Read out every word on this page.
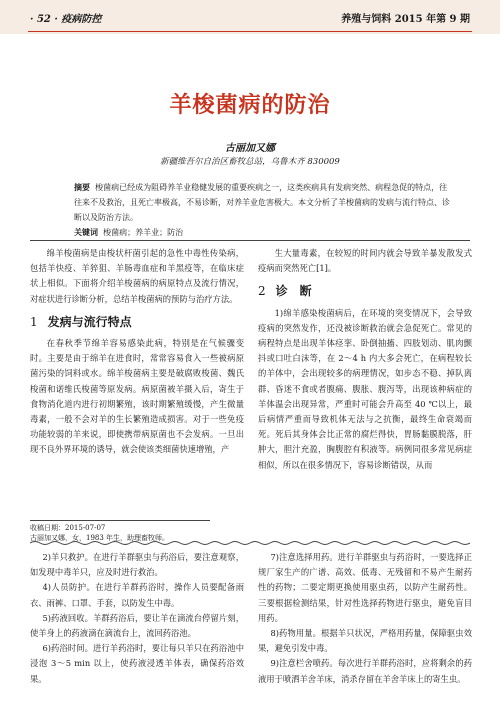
· 52 · 疫病防控	养殖与饲料 2015 年第 9 期
羊梭菌病的防治
古丽加又娜
新疆维吾尔自治区畜牧总站，乌鲁木齐 830009
摘要 梭菌病已经成为阻碍养羊业稳健发展的重要疾病之一，这类疾病具有发病突然、病程急促的特点，往往来不及救治，且死亡率极高，不易诊断，对养羊业危害极大。本文分析了羊梭菌病的发病与流行特点、诊断以及防治方法。
关键词 梭菌病；养羊业；防治

绵羊梭菌病是由梭状杆菌引起的急性中毒性传染病，包括羊快疫、羊猝狙、羊肠毒血症和羊黑疫等，在临床症状上相似。下面将介绍羊梭菌病的病原特点及流行情况，对症状进行诊断分析，总结羊梭菌病的预防与治疗方法。

1 发病与流行特点

在春秋季节绵羊容易感染此病，特别是在气候骤变时。主要是由于绵羊在进食时，常常容易食入一些被病原菌污染的饲料或水。绵羊梭菌病主要是破腐败梭菌、魏氏梭菌和诺维氏梭菌等原发病。病原菌被羊摄入后，寄生于食物消化道内进行初期繁殖，该时期繁殖缓慢，产生微量毒素，一般不会对羊的生长繁殖造成损害。对于一些免疫功能较弱的羊来说，即使携带病原菌也不会发病。一旦出现不良外界环境的诱导，就会使该类细菌快速增殖，产

生大量毒素，在较短的时间内就会导致羊暴发散发式疫病而突然死亡[1]。

2 诊　断

1)绵羊感染梭菌病后，在环境的突变情况下，会导致疫病的突然发作，还没被诊断救治就会急促死亡。常见的病程特点是出现羊体痉挛、卧倒抽搐、四肢划动、肌肉颤抖或口吐白沫等，在 2～4 h 内大多会死亡，在病程较长的羊体中，会出现较多的病理情况，如步态不稳、掉队离群、昏迷不食或者腹痛、腹胀、腹泻等，出现该种病症的羊体温会出现异常，严重时可能会升高至 40 ℃以上，最后病情严重而导致机体无法与之抗衡，最终生命衰竭而死。死后其身体会比正常的腐烂得快，胃肠黏膜脱落，肝肿大，胆汁充盈，胸腹腔有积液等。病例同很多常见病症相似，所以在很多情况下，容易诊断错误，从而

收稿日期：2015-07-07
古丽加又娜，女，1983 年生，助理畜牧师。

2)羊只救护。在进行羊群驱虫与药浴后，要注意观察，如发现中毒羊只，应及时进行救治。

4)人员防护。在进行羊群药浴时，操作人员要配备雨衣、雨裤、口罩、手套，以防发生中毒。

5)药液回收。羊群药浴后，要让羊在滴流台停留片刻，使羊身上的药液滴在滴流台上，流回药浴池。

6)药浴时间。进行羊药浴时，要让每只羊只在药浴池中浸泡 3～5 min 以上，使药液浸透羊体表，确保药浴效果。

7)注意选择用药。进行羊群驱虫与药浴时，一要选择正规厂家生产的广谱、高效、低毒、无残留和不易产生耐药性的药物；二要定期更换使用驱虫药，以防产生耐药性。三要根据检测结果，针对性选择药物进行驱虫，避免盲目用药。

8)药物用量。根据羊只状况，严格用药量，保障驱虫效果，避免引发中毒。

9)注意栏舍喷药。每次进行羊群药浴时，应将剩余的药液用于喷洒羊舍羊床，消杀存留在羊舍羊床上的寄生虫。
